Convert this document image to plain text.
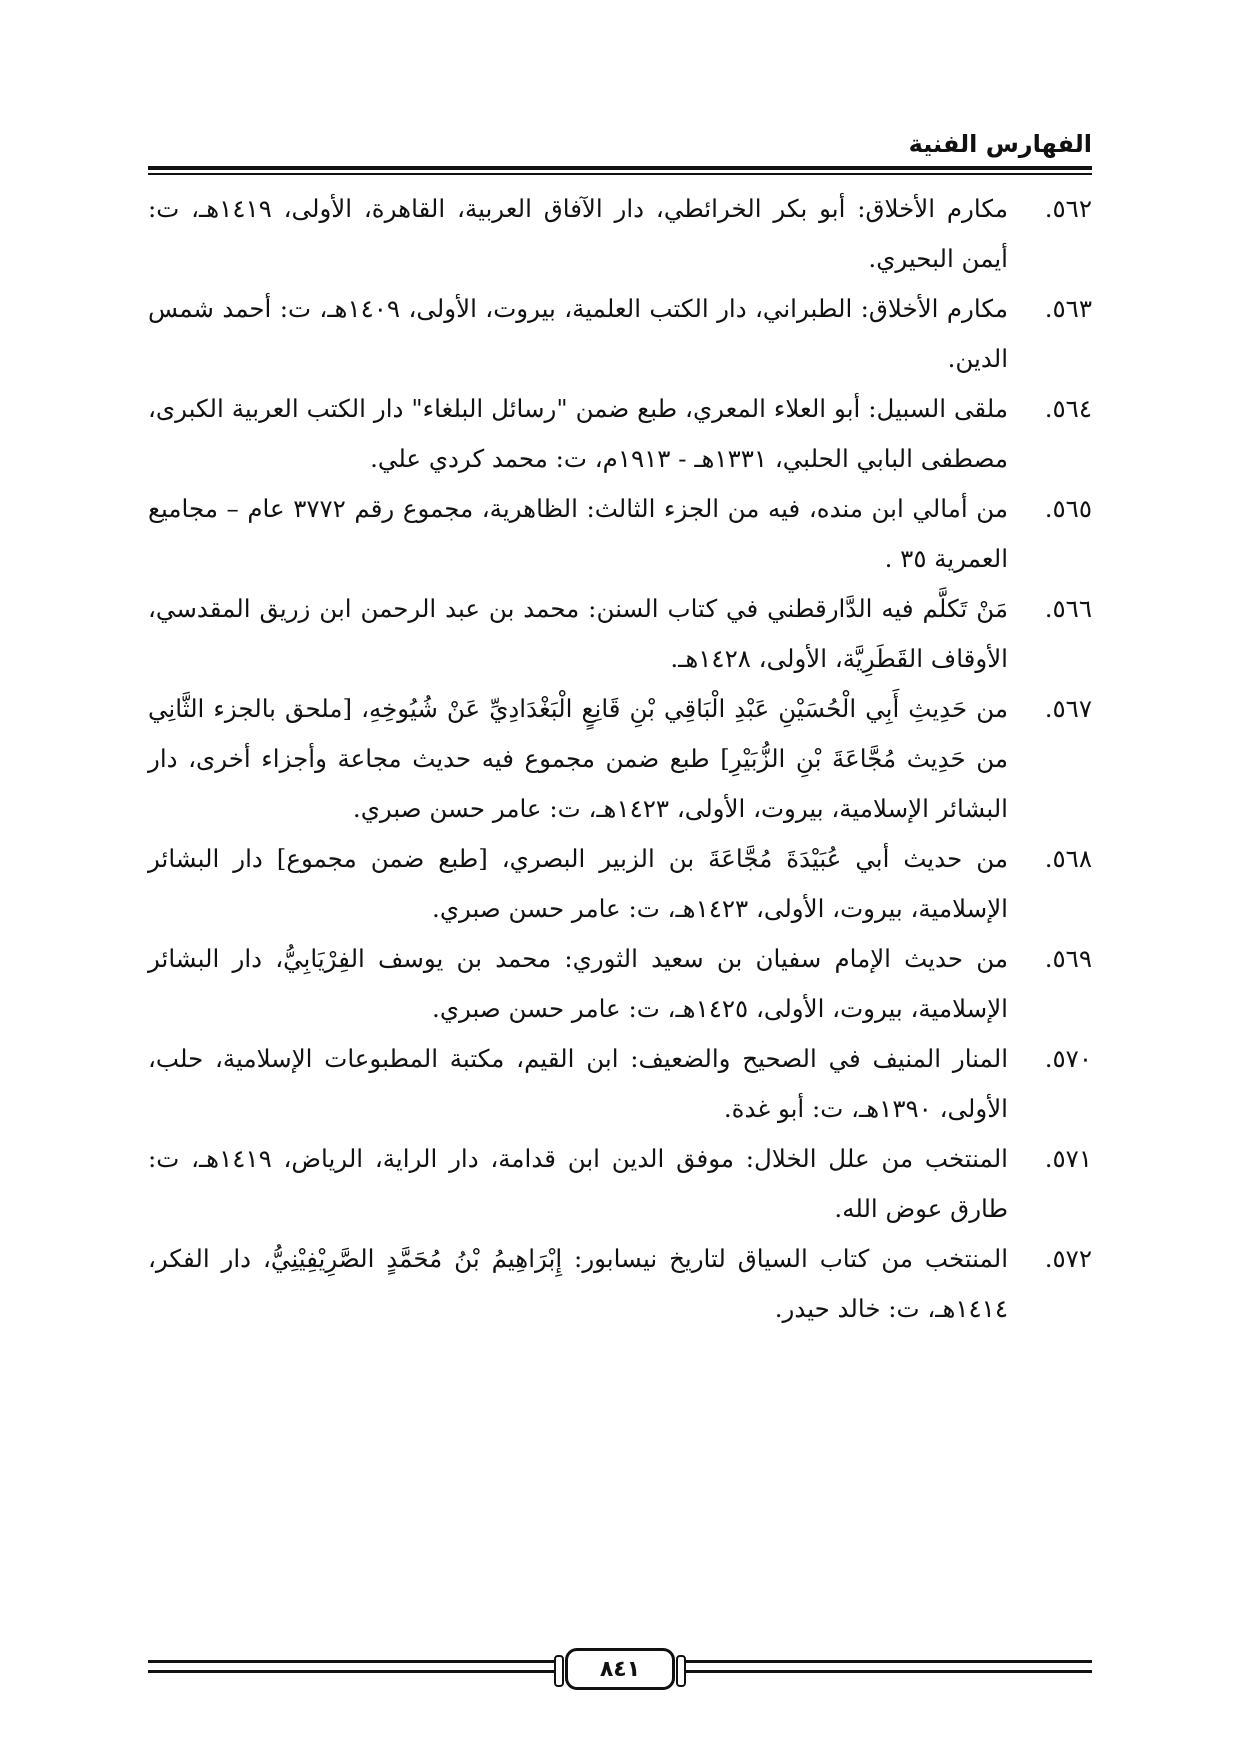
الفهارس الفنية
٥٦٢.
مكارم الأخلاق: أبو بكر الخرائطي، دار الآفاق العربية، القاهرة، الأولى، ١٤١٩هـ، ت: أيمن البحيري.
٥٦٣.
مكارم الأخلاق: الطبراني، دار الكتب العلمية، بيروت، الأولى، ١٤٠٩هـ، ت: أحمد شمس الدين.
٥٦٤.
ملقى السبيل: أبو العلاء المعري، طبع ضمن "رسائل البلغاء" دار الكتب العربية الكبرى، مصطفى البابي الحلبي، ١٣٣١هـ - ١٩١٣م، ت: محمد كردي علي.
٥٦٥.
من أمالي ابن منده، فيه من الجزء الثالث: الظاهرية، مجموع رقم ٣٧٧٢ عام – مجاميع العمرية ٣٥ .
٥٦٦.
مَنْ تَكلَّم فيه الدَّارقطني في كتاب السنن: محمد بن عبد الرحمن ابن زريق المقدسي، الأوقاف القَطَرِيَّة، الأولى، ١٤٢٨هـ.
٥٦٧.
من حَدِيثِ أَبِي الْحُسَيْنِ عَبْدِ الْبَاقِي بْنِ قَانِعٍ الْبَغْدَادِيِّ عَنْ شُيُوخِهِ، [ملحق بالجزء الثَّانِي من حَدِيث مُجَّاعَةَ بْنِ الزُّبَيْرِ] طبع ضمن مجموع فيه حديث مجاعة وأجزاء أخرى، دار البشائر الإسلامية، بيروت، الأولى، ١٤٢٣هـ، ت: عامر حسن صبري.
٥٦٨.
من حديث أبي عُبَيْدَةَ مُجَّاعَةَ بن الزبير البصري، [طبع ضمن مجموع] دار البشائر الإسلامية، بيروت، الأولى، ١٤٢٣هـ، ت: عامر حسن صبري.
٥٦٩.
من حديث الإمام سفيان بن سعيد الثوري: محمد بن يوسف الفِرْيَابِيُّ، دار البشائر الإسلامية، بيروت، الأولى، ١٤٢٥هـ، ت: عامر حسن صبري.
٥٧٠.
المنار المنيف في الصحيح والضعيف: ابن القيم، مكتبة المطبوعات الإسلامية، حلب، الأولى، ١٣٩٠هـ، ت: أبو غدة.
٥٧١.
المنتخب من علل الخلال: موفق الدين ابن قدامة، دار الراية، الرياض، ١٤١٩هـ، ت: طارق عوض الله.
٥٧٢.
المنتخب من كتاب السياق لتاريخ نيسابور: إِبْرَاهِيمُ بْنُ مُحَمَّدٍ الصَّرِيْفِيْنِيُّ، دار الفكر، ١٤١٤هـ، ت: خالد حيدر.
٨٤١
